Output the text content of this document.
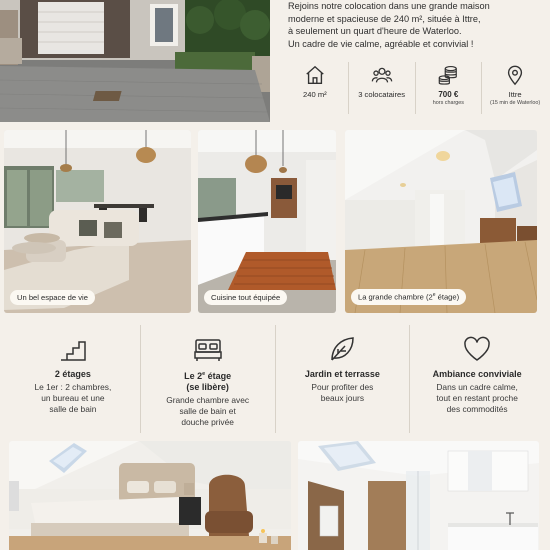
Rejoins notre colocation dans une grande maison

moderne et spacieuse de 240 m², située à Ittre,

à seulement un quart d'heure de Waterloo.

Un cadre de vie calme, agréable et convivial !

240 m²	3 colocataires	700 €
hors charges
Ittre
(15 min de Waterloo)
Un bel espace de vie	Cuisine tout équipée	La grande chambre (2e étage)
2 étages
Le 1er : 2 chambres,
un bureau et une
salle de bain
Le 2e étage
(se libère)
Grande chambre avec
salle de bain et
douche privée
Jardin et terrasse
Pour profiter des
beaux jours
Ambiance conviviale
Dans un cadre calme,
tout en restant proche
des commodités
